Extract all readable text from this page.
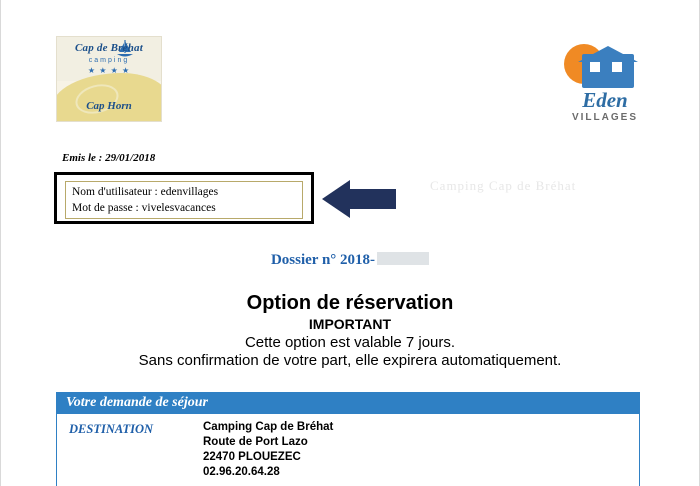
Cap de Bréhat
camping
★ ★ ★ ★
Cap Horn	Eden
VILLAGES
Emis le : 29/01/2018
Camping Cap de Bréhat
Nom d'utilisateur : edenvillages
Mot de passe : vivelesvacances
Dossier n° 2018-
Option de réservation
IMPORTANT
Cette option est valable 7 jours.
Sans confirmation de votre part, elle expirera automatiquement.
Votre demande de séjour
DESTINATION	Camping Cap de Bréhat
Route de Port Lazo
22470 PLOUEZEC
02.96.20.64.28
